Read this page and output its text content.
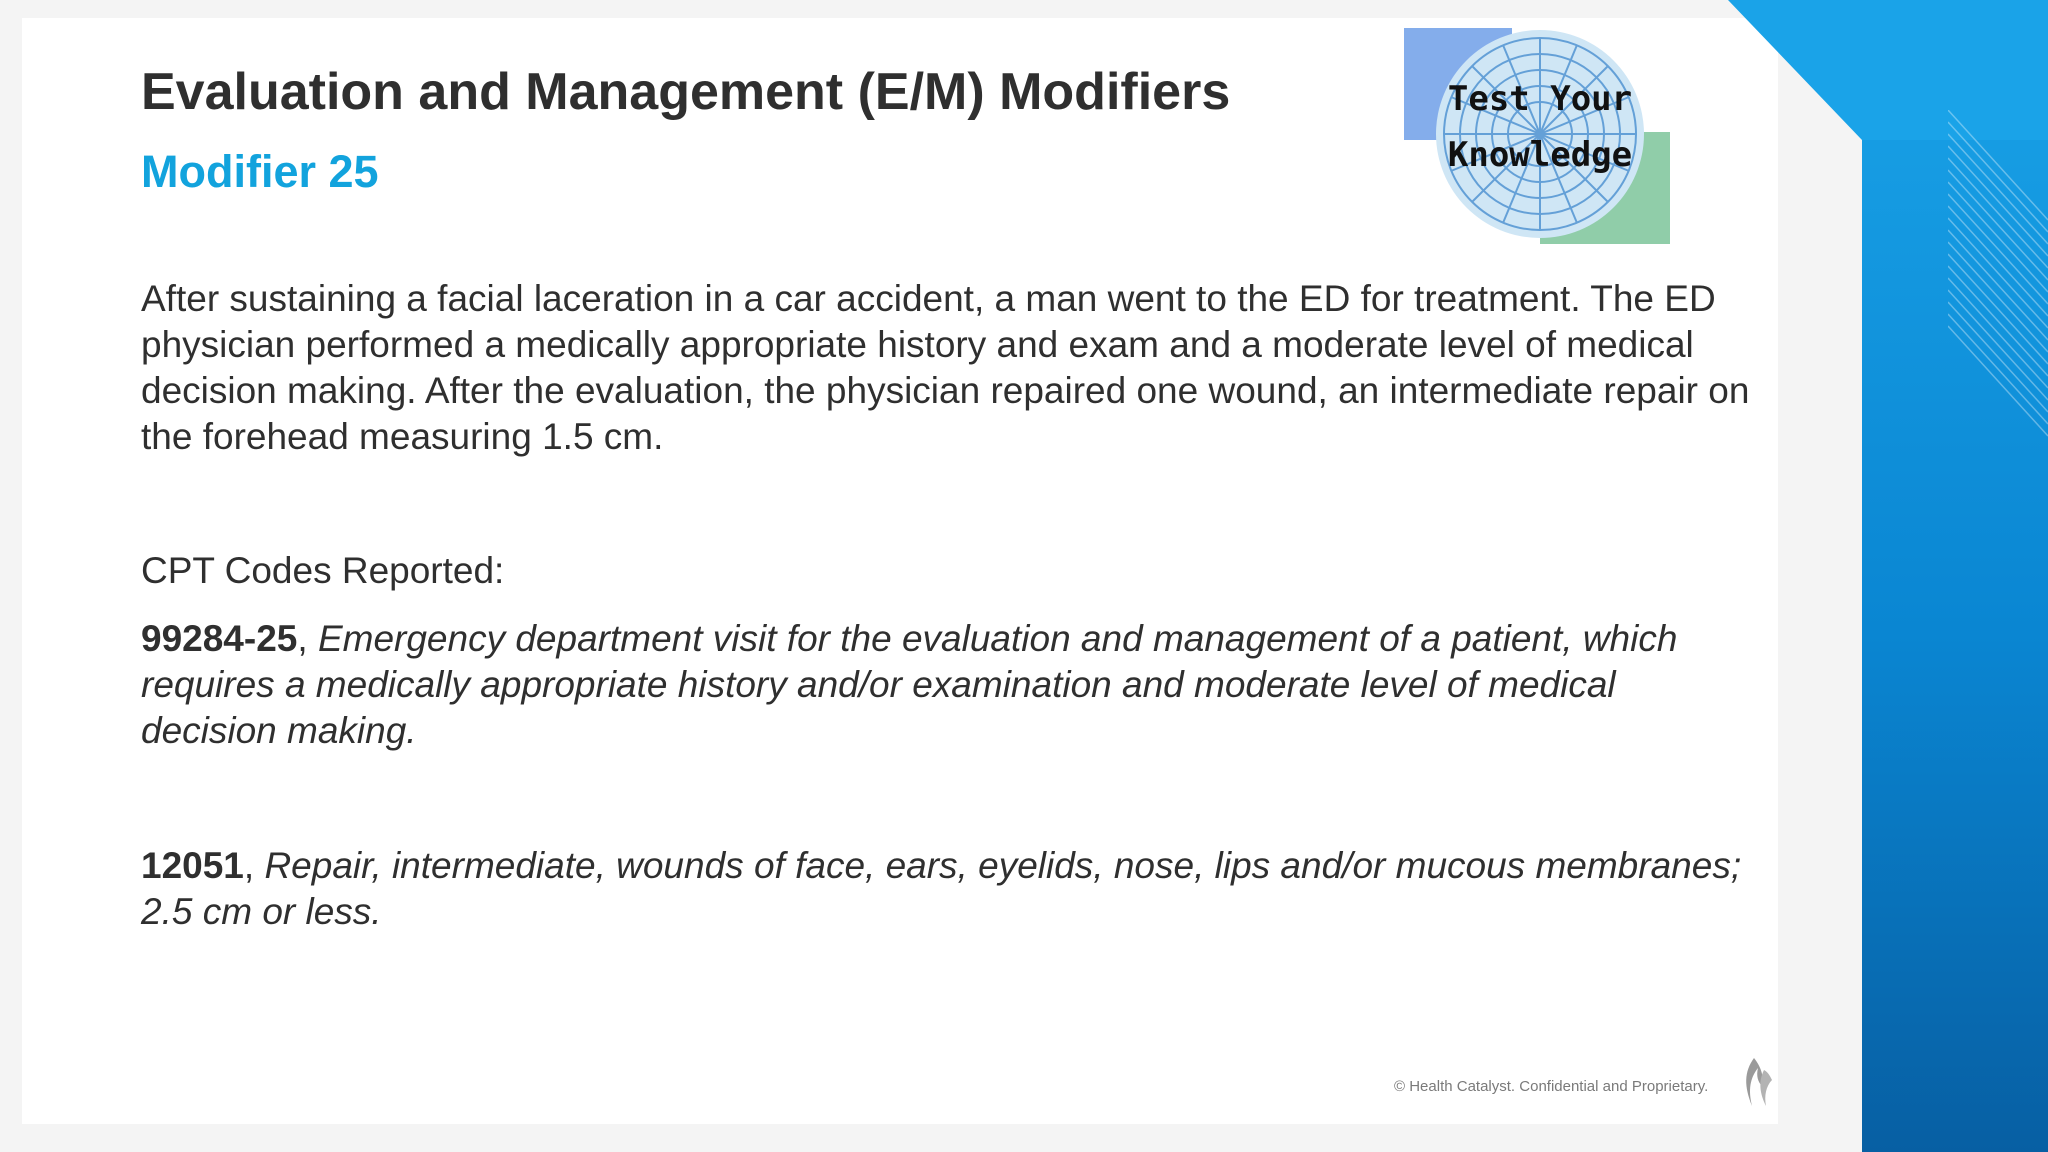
Evaluation and Management (E/M) Modifiers
Modifier 25
Test Your
Knowledge
After sustaining a facial laceration in a car accident, a man went to the ED for treatment. The ED physician performed a medically appropriate history and exam and a moderate level of medical decision making. After the evaluation, the physician repaired one wound, an intermediate repair on the forehead measuring 1.5 cm.
CPT Codes Reported:
99284-25, Emergency department visit for the evaluation and management of a patient, which requires a medically appropriate history and/or examination and moderate level of medical decision making.
12051, Repair, intermediate, wounds of face, ears, eyelids, nose, lips and/or mucous membranes; 2.5 cm or less.
© Health Catalyst. Confidential and Proprietary.
